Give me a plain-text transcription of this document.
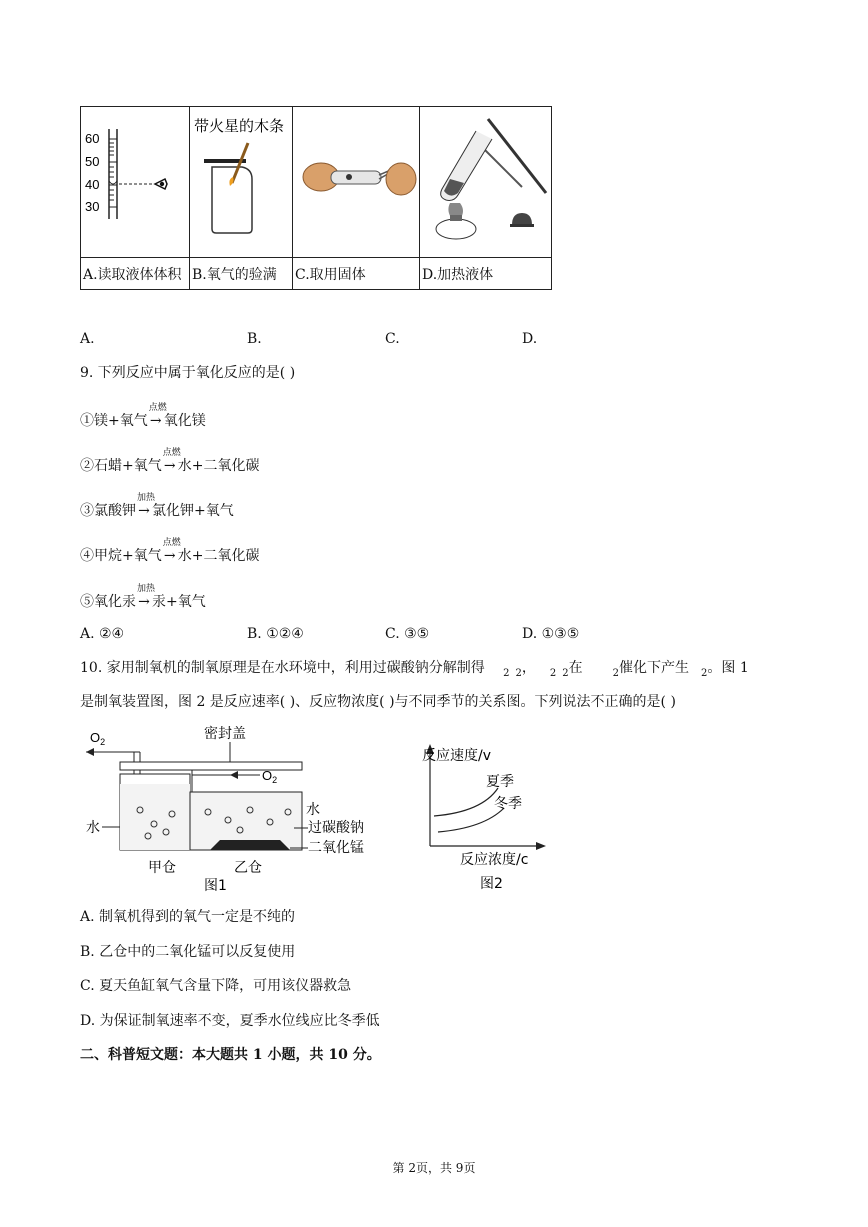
60
50
40
30	带火星的木条

A.读取液体体积	B.氧气的验满	C.取用固体	D.加热液体
A.	B.	C.	D.
9. 下列反应中属于氧化反应的是( )
①镁+氧气 →
点燃
氧化镁
②石蜡+氧气 →
点燃
水+二氧化碳
③氯酸钾 →
加热
氯化钾+氧气
④甲烷+氧气 →
点燃
水+二氧化碳
⑤氧化汞 →
加热
汞+氧气
A. ②④	B. ①②④	C. ③⑤	D. ①③⑤
10. 家用制氧机的制氧原理是在水环境中，利用过碳酸钠分解制得 $_2$ $_2$， $_2$ $_2$在	$_2$催化下产生 $_2$。图 1
是制氧装置图，图 2 是反应速率( )、反应物浓度( )与不同季节的关系图。下列说法不正确的是( )
$O_2$	密封盖
$O_2$
水
水
过碳酸钠
二氧化锰
甲仓	乙仓
图1
反应速度/v
夏季
冬季
反应浓度/c
图2
A. 制氧机得到的氧气一定是不纯的
B. 乙仓中的二氧化锰可以反复使用
C. 夏天鱼缸氧气含量下降，可用该仪器救急
D. 为保证制氧速率不变，夏季水位线应比冬季低
二、科普短文题：本大题共 1 小题，共 10 分。
第 2页，共 9页
